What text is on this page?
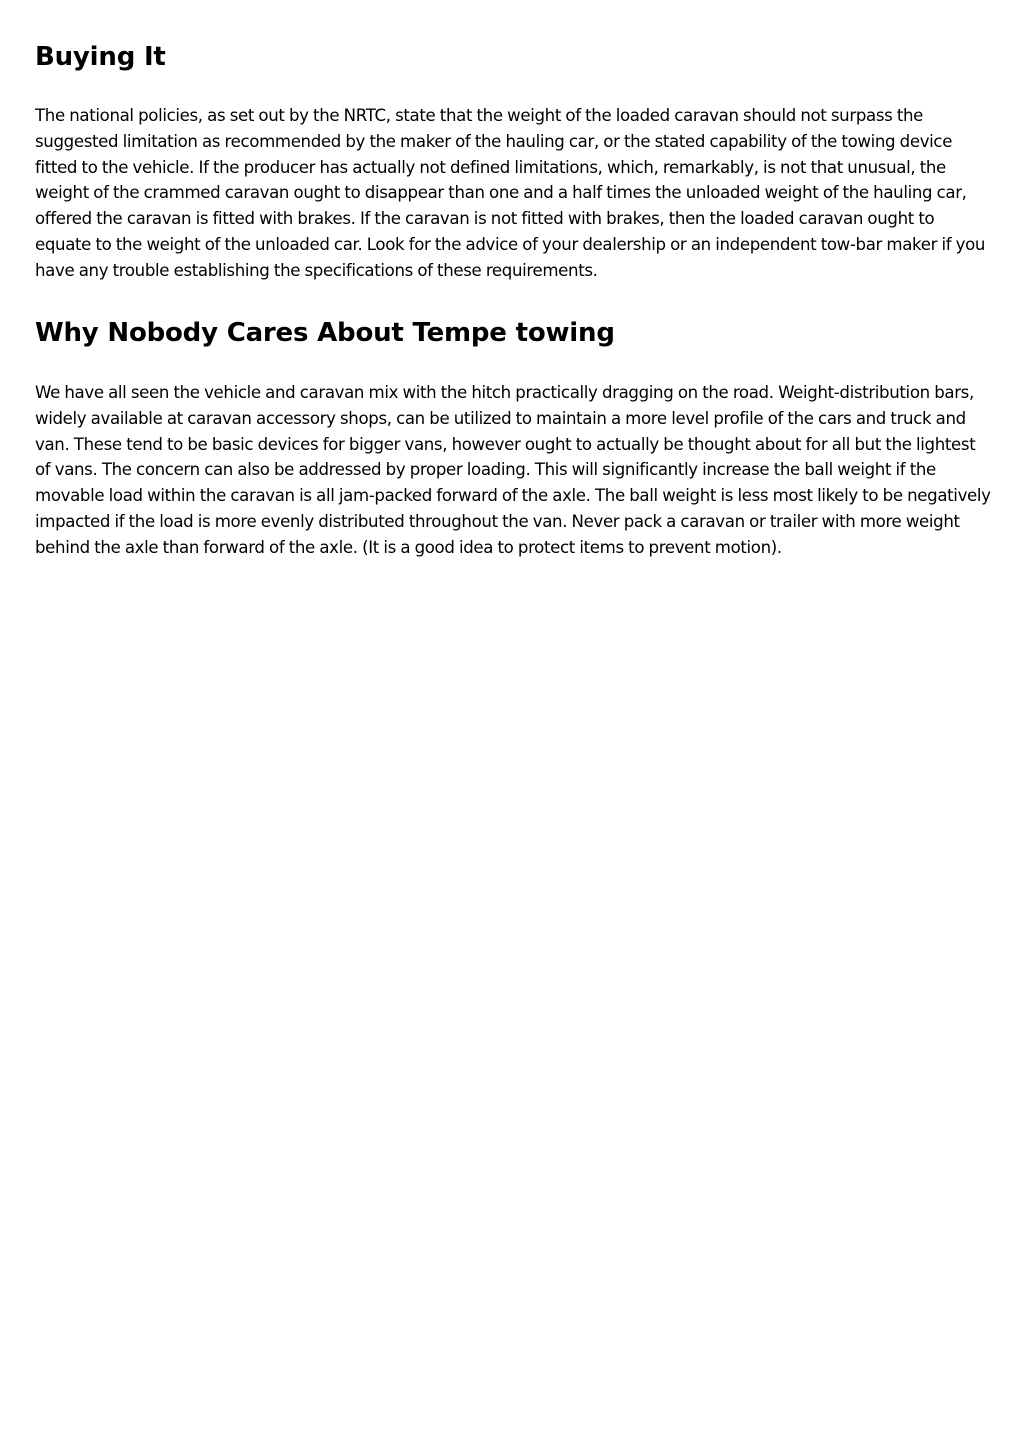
Buying It

The national policies, as set out by the NRTC, state that the weight of the loaded caravan should not surpass the suggested limitation as recommended by the maker of the hauling car, or the stated capability of the towing device fitted to the vehicle. If the producer has actually not defined limitations, which, remarkably, is not that unusual, the weight of the crammed caravan ought to disappear than one and a half times the unloaded weight of the hauling car, offered the caravan is fitted with brakes. If the caravan is not fitted with brakes, then the loaded caravan ought to equate to the weight of the unloaded car. Look for the advice of your dealership or an independent tow-bar maker if you have any trouble establishing the specifications of these requirements.

Why Nobody Cares About Tempe towing

We have all seen the vehicle and caravan mix with the hitch practically dragging on the road. Weight-distribution bars, widely available at caravan accessory shops, can be utilized to maintain a more level profile of the cars and truck and van. These tend to be basic devices for bigger vans, however ought to actually be thought about for all but the lightest of vans. The concern can also be addressed by proper loading. This will significantly increase the ball weight if the movable load within the caravan is all jam-packed forward of the axle. The ball weight is less most likely to be negatively impacted if the load is more evenly distributed throughout the van. Never pack a caravan or trailer with more weight behind the axle than forward of the axle. (It is a good idea to protect items to prevent motion).
